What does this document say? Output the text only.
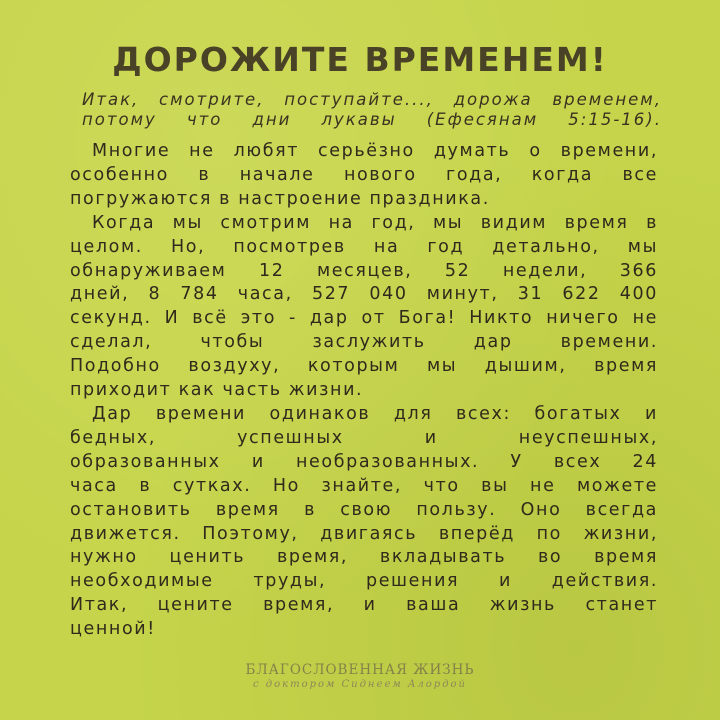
ДОРОЖИТЕ ВРЕМЕНЕМ!
Итак, смотрите, поступайте..., дорожа временем,
потому что дни лукавы (Ефесянам 5:15-16).
Многие не любят серьёзно думать о времени,
особенно в начале нового года, когда все
погружаются в настроение праздника.
Когда мы смотрим на год, мы видим время в
целом. Но, посмотрев на год детально, мы
обнаруживаем 12 месяцев, 52 недели, 366
дней, 8 784 часа, 527 040 минут, 31 622 400
секунд. И всё это - дар от Бога! Никто ничего не
сделал, чтобы заслужить дар времени.
Подобно воздуху, которым мы дышим, время
приходит как часть жизни.
Дар времени одинаков для всех: богатых и
бедных, успешных и неуспешных,
образованных и необразованных. У всех 24
часа в сутках. Но знайте, что вы не можете
остановить время в свою пользу. Оно всегда
движется. Поэтому, двигаясь вперёд по жизни,
нужно ценить время, вкладывать во время
необходимые труды, решения и действия.
Итак, цените время, и ваша жизнь станет
ценной!
БЛАГОСЛОВЕННАЯ ЖИЗНЬ
с доктором Сиднеем Алордой
